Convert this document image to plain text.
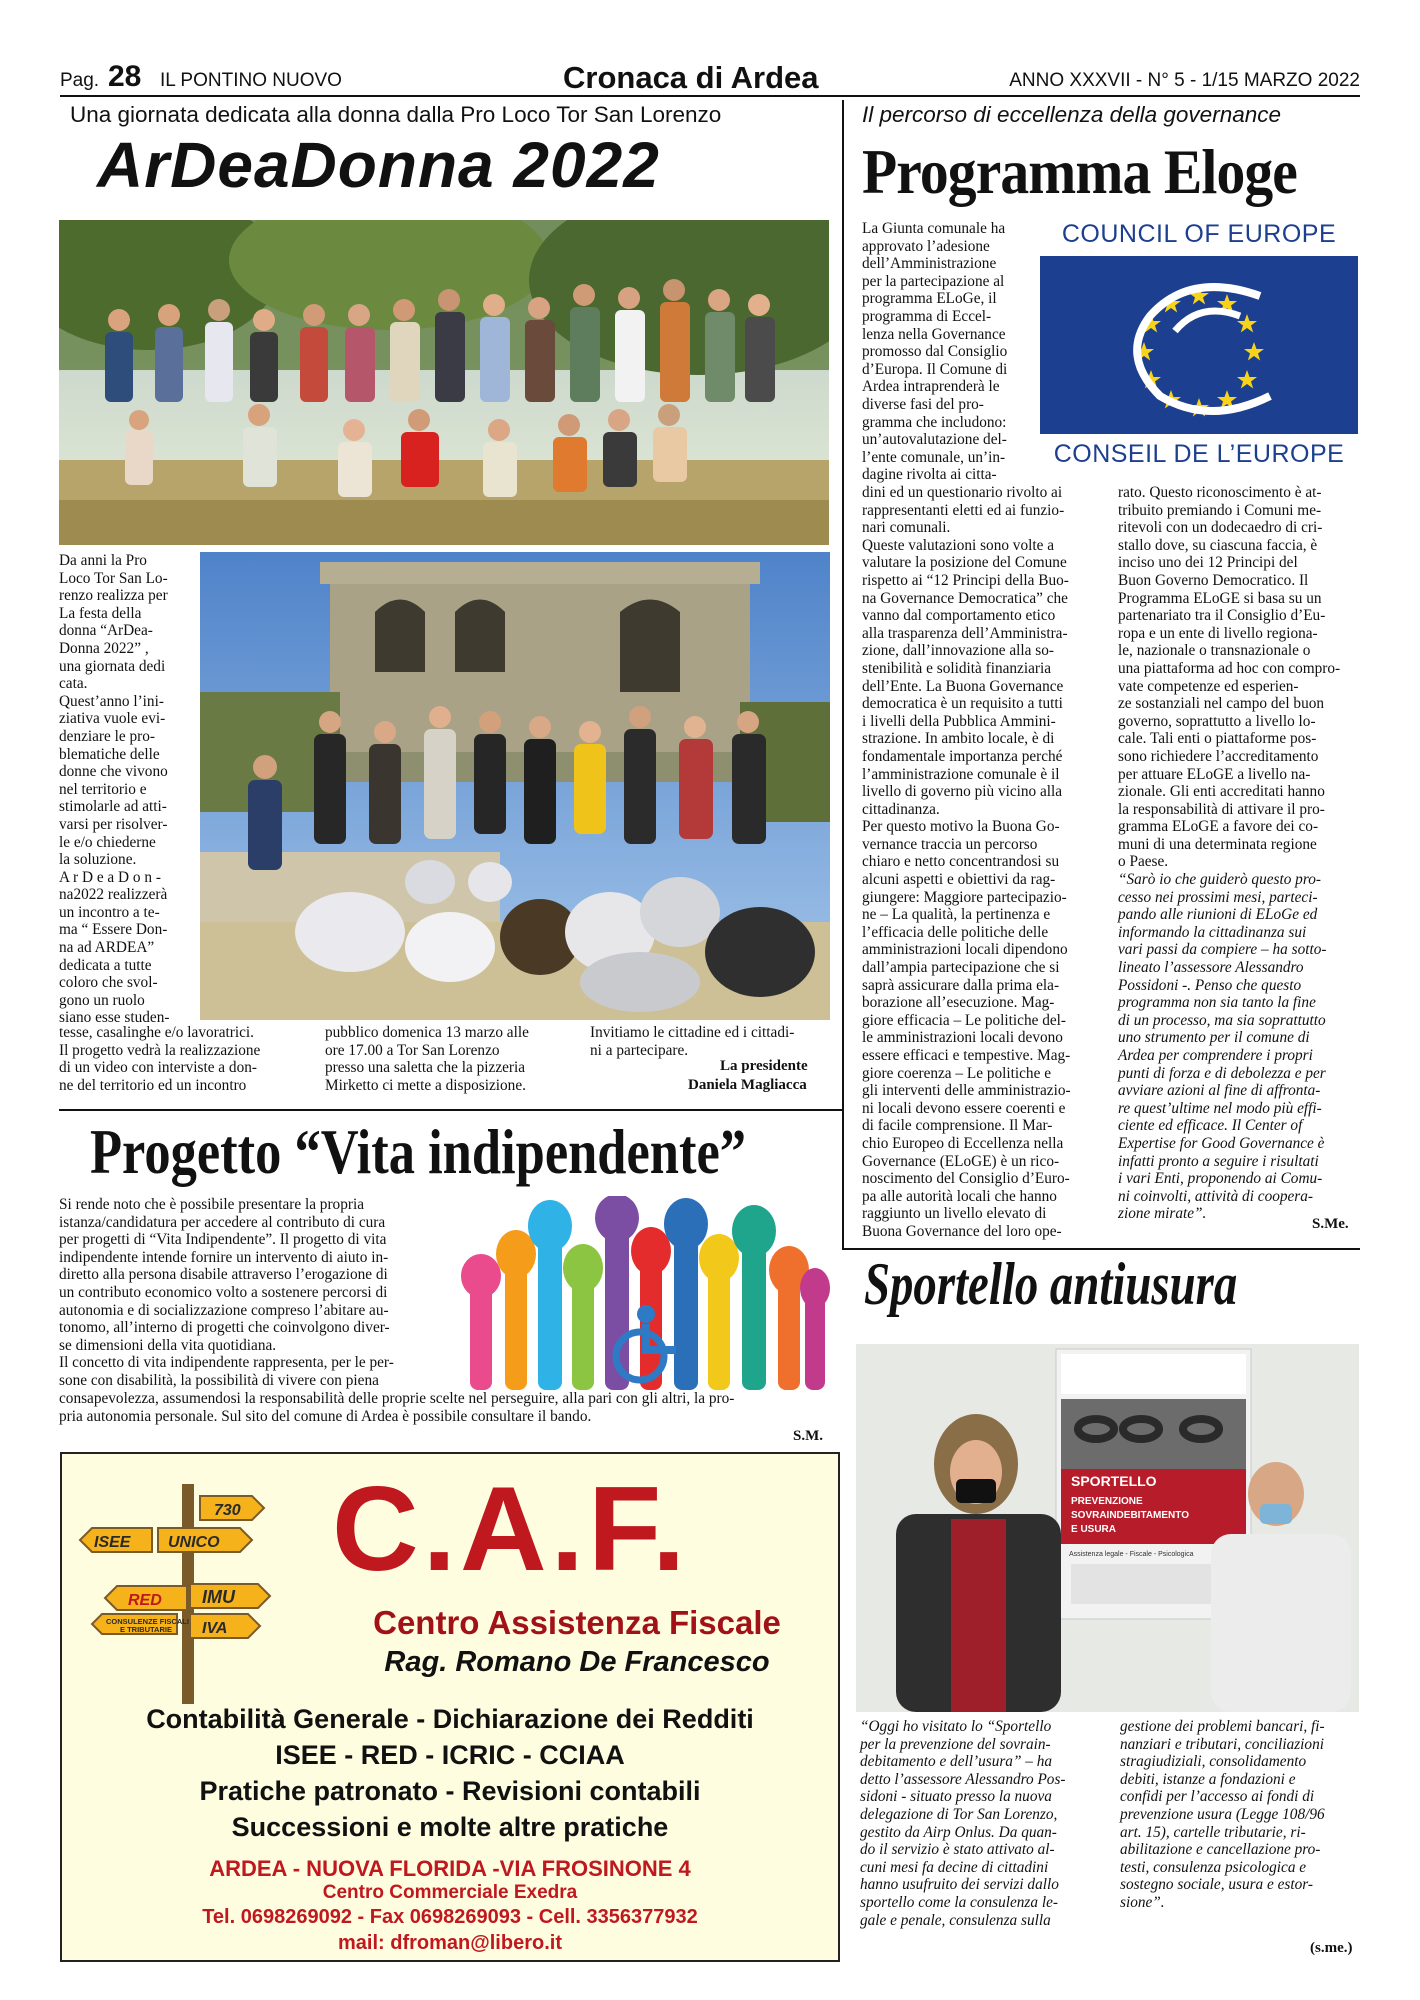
Pag. 28 IL PONTINO NUOVO	Cronaca di Ardea	ANNO XXXVII - N° 5 - 1/15 MARZO 2022
Una giornata dedicata alla donna dalla Pro Loco Tor San Lorenzo
ArDeaDonna 2022
Da anni la Pro
Loco Tor San Lo-
renzo realizza per
La festa della
donna “ArDea-
Donna 2022” ,
una giornata dedi
cata.
Quest’anno l’ini-
ziativa vuole evi-
denziare le pro-
blematiche delle
donne che vivono
nel territorio e
stimolarle ad atti-
varsi per risolver-
le e/o chiederne
la soluzione.
A r D e a D o n -
na2022 realizzerà
un incontro a te-
ma “ Essere Don-
na ad ARDEA”
dedicata a tutte
coloro che svol-
gono un ruolo
siano esse studen-
tesse, casalinghe e/o lavoratrici.
Il progetto vedrà la realizzazione
di un video con interviste a don-
ne del territorio ed un incontro
pubblico domenica 13 marzo alle
ore 17.00 a Tor San Lorenzo
presso una saletta che la pizzeria
Mirketto ci mette a disposizione.
Invitiamo le cittadine ed i cittadi-
ni a partecipare.
La presidente
Daniela Magliacca
Il percorso di eccellenza della governance
Programma Eloge
La Giunta comunale ha
approvato l’adesione
dell’Amministrazione
per la partecipazione al
programma ELoGe, il
programma di Eccel-
lenza nella Governance
promosso dal Consiglio
d’Europa. Il Comune di
Ardea intraprenderà le
diverse fasi del pro-
gramma che includono:
un’autovalutazione del-
l’ente comunale, un’in-
dagine rivolta ai citta-
COUNCIL OF EUROPE
CONSEIL DE L’EUROPE
dini ed un questionario rivolto ai
rappresentanti eletti ed ai funzio-
nari comunali.
Queste valutazioni sono volte a
valutare la posizione del Comune
rispetto ai “12 Principi della Buo-
na Governance Democratica” che
vanno dal comportamento etico
alla trasparenza dell’Amministra-
zione, dall’innovazione alla so-
stenibilità e solidità finanziaria
dell’Ente. La Buona Governance
democratica è un requisito a tutti
i livelli della Pubblica Ammini-
strazione. In ambito locale, è di
fondamentale importanza perché
l’amministrazione comunale è il
livello di governo più vicino alla
cittadinanza.
Per questo motivo la Buona Go-
vernance traccia un percorso
chiaro e netto concentrandosi su
alcuni aspetti e obiettivi da rag-
giungere: Maggiore partecipazio-
ne – La qualità, la pertinenza e
l’efficacia delle politiche delle
amministrazioni locali dipendono
dall’ampia partecipazione che si
saprà assicurare dalla prima ela-
borazione all’esecuzione. Mag-
giore efficacia – Le politiche del-
le amministrazioni locali devono
essere efficaci e tempestive. Mag-
giore coerenza – Le politiche e
gli interventi delle amministrazio-
ni locali devono essere coerenti e
di facile comprensione. Il Mar-
chio Europeo di Eccellenza nella
Governance (ELoGE) è un rico-
noscimento del Consiglio d’Euro-
pa alle autorità locali che hanno
raggiunto un livello elevato di
Buona Governance del loro ope-
rato. Questo riconoscimento è at-
tribuito premiando i Comuni me-
ritevoli con un dodecaedro di cri-
stallo dove, su ciascuna faccia, è
inciso uno dei 12 Principi del
Buon Governo Democratico. Il
Programma ELoGE si basa su un
partenariato tra il Consiglio d’Eu-
ropa e un ente di livello regiona-
le, nazionale o transnazionale o
una piattaforma ad hoc con compro-
vate competenze ed esperien-
ze sostanziali nel campo del buon
governo, soprattutto a livello lo-
cale. Tali enti o piattaforme pos-
sono richiedere l’accreditamento
per attuare ELoGE a livello na-
zionale. Gli enti accreditati hanno
la responsabilità di attivare il pro-
gramma ELoGE a favore dei co-
muni di una determinata regione
o Paese.
“Sarò io che guiderò questo pro-
cesso nei prossimi mesi, parteci-
pando alle riunioni di ELoGe ed
informando la cittadinanza sui
vari passi da compiere – ha sotto-
lineato l’assessore Alessandro
Possidoni -. Penso che questo
programma non sia tanto la fine
di un processo, ma sia soprattutto
uno strumento per il comune di
Ardea per comprendere i propri
punti di forza e di debolezza e per
avviare azioni al fine di affronta-
re quest’ultime nel modo più effi-
ciente ed efficace. Il Center of
Expertise for Good Governance è
infatti pronto a seguire i risultati
i vari Enti, proponendo ai Comu-
ni coinvolti, attività di coopera-
zione mirate”.
S.Me.
Progetto “Vita indipendente”
Si rende noto che è possibile presentare la propria
istanza/candidatura per accedere al contributo di cura
per progetti di “Vita Indipendente”. Il progetto di vita
indipendente intende fornire un intervento di aiuto in-
diretto alla persona disabile attraverso l’erogazione di
un contributo economico volto a sostenere percorsi di
autonomia e di socializzazione compreso l’abitare au-
tonomo, all’interno di progetti che coinvolgono diver-
se dimensioni della vita quotidiana.
Il concetto di vita indipendente rappresenta, per le per-
sone con disabilità, la possibilità di vivere con piena
consapevolezza, assumendosi la responsabilità delle proprie scelte nel perseguire, alla pari con gli altri, la pro-
pria autonomia personale. Sul sito del comune di Ardea è possibile consultare il bando.
S.M.
730
ISEE UNICO
RED IMU
IVA
CONSULENZE FISCALI
E TRIBUTARIE
C.A.F.
Centro Assistenza Fiscale
Rag. Romano De Francesco
Contabilità Generale - Dichiarazione dei Redditi
ISEE - RED - ICRIC - CCIAA
Pratiche patronato - Revisioni contabili
Successioni e molte altre pratiche
ARDEA - NUOVA FLORIDA -VIA FROSINONE 4
Centro Commerciale Exedra
Tel. 0698269092 - Fax 0698269093 - Cell. 3356377932
mail: dfroman@libero.it
Sportello antiusura
SPORTELLO
PREVENZIONE
SOVRAINDEBITAMENTO
E USURA
Assistenza legale - Fiscale - Psicologica
“Oggi ho visitato lo “Sportello
per la prevenzione del sovrain-
debitamento e dell’usura” – ha
detto l’assessore Alessandro Pos-
sidoni - situato presso la nuova
delegazione di Tor San Lorenzo,
gestito da Airp Onlus. Da quan-
do il servizio è stato attivato al-
cuni mesi fa decine di cittadini
hanno usufruito dei servizi dallo
sportello come la consulenza le-
gale e penale, consulenza sulla
gestione dei problemi bancari, fi-
nanziari e tributari, conciliazioni
stragiudiziali, consolidamento
debiti, istanze a fondazioni e
confidi per l’accesso ai fondi di
prevenzione usura (Legge 108/96
art. 15), cartelle tributarie, ri-
abilitazione e cancellazione pro-
testi, consulenza psicologica e
sostegno sociale, usura e estor-
sione”.
(s.me.)
